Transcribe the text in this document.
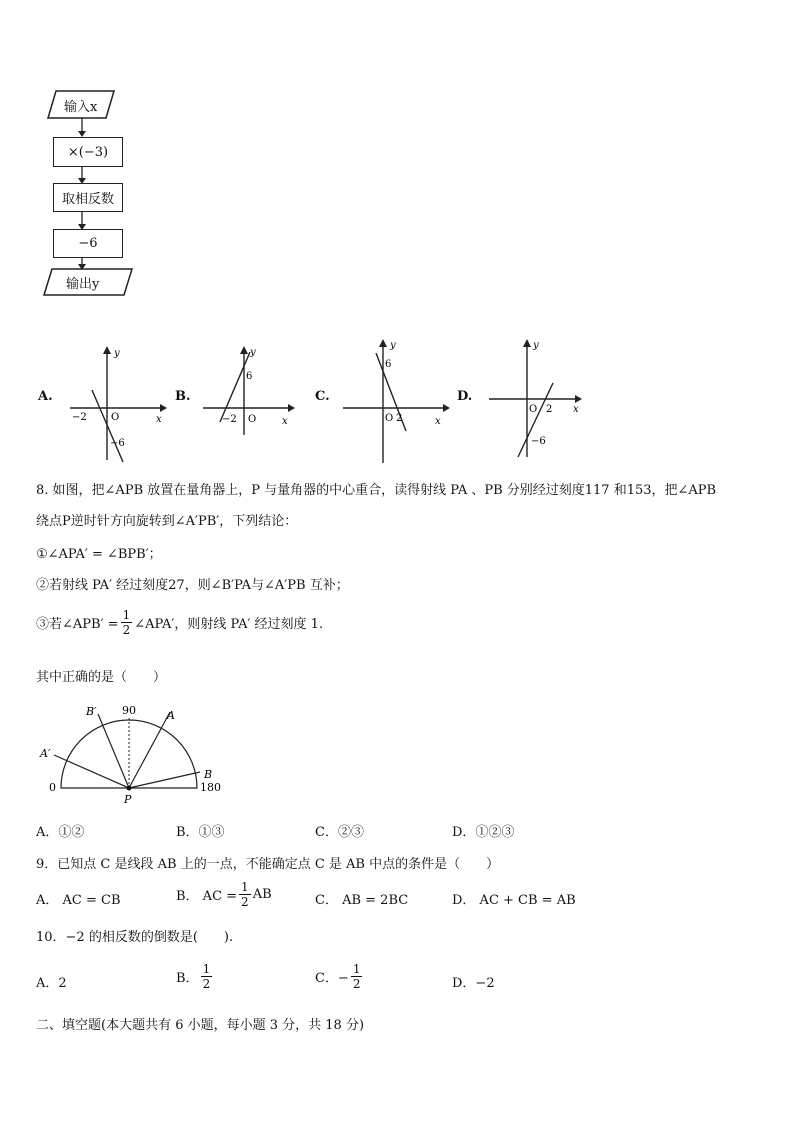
输入x
×(−3)
取相反数
−6
输出y
A.	B.	C.	D.
y
x
O
−2
−6
y
x
O
−2
6
y
x
O 2
6
y
x
O 2
−6
8. 如图，把∠APB 放置在量角器上，P 与量角器的中心重合，读得射线 PA 、PB 分别经过刻度117 和153，把∠APB
绕点P逆时针方向旋转到∠A′PB′，下列结论：
①∠APA′ = ∠BPB′；
②若射线 PA′ 经过刻度27，则∠B′PA与∠A′PB 互补；
③若∠APB′ = $\frac{1}{2}$ ∠APA′，则射线 PA′ 经过刻度 1.
其中正确的是（　　）
B′ 90	A
A′
B
0
P
180
A．①②	B．①③	C．②③	D．①②③
9．已知点 C 是线段 AB 上的一点，不能确定点 C 是 AB 中点的条件是（　　）
A． AC = CB	B． AC = $\frac{1}{2}$ AB	C． AB = 2BC	D． AC + CB = AB
10．−2 的相反数的倒数是(　　).
A．2	B． $\frac{1}{2}$	C．− $\frac{1}{2}$	D．−2
二、填空题(本大题共有 6 小题，每小题 3 分，共 18 分)
